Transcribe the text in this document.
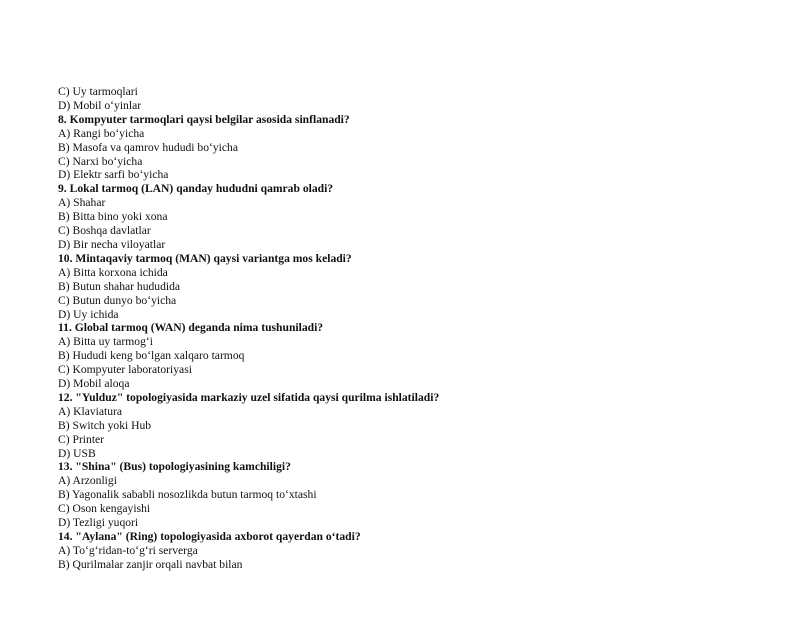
C) Uy tarmoqlari
D) Mobil o‘yinlar
8. Kompyuter tarmoqlari qaysi belgilar asosida sinflanadi?
A) Rangi bo‘yicha
B) Masofa va qamrov hududi bo‘yicha
C) Narxi bo‘yicha
D) Elektr sarfi bo‘yicha
9. Lokal tarmoq (LAN) qanday hududni qamrab oladi?
A) Shahar
B) Bitta bino yoki xona
C) Boshqa davlatlar
D) Bir necha viloyatlar
10. Mintaqaviy tarmoq (MAN) qaysi variantga mos keladi?
A) Bitta korxona ichida
B) Butun shahar hududida
C) Butun dunyo bo‘yicha
D) Uy ichida
11. Global tarmoq (WAN) deganda nima tushuniladi?
A) Bitta uy tarmog‘i
B) Hududi keng bo‘lgan xalqaro tarmoq
C) Kompyuter laboratoriyasi
D) Mobil aloqa
12. "Yulduz" topologiyasida markaziy uzel sifatida qaysi qurilma ishlatiladi?
A) Klaviatura
B) Switch yoki Hub
C) Printer
D) USB
13. "Shina" (Bus) topologiyasining kamchiligi?
A) Arzonligi
B) Yagonalik sababli nosozlikda butun tarmoq to‘xtashi
C) Oson kengayishi
D) Tezligi yuqori
14. "Aylana" (Ring) topologiyasida axborot qayerdan o‘tadi?
A) To‘g‘ridan-to‘g‘ri serverga
B) Qurilmalar zanjir orqali navbat bilan
